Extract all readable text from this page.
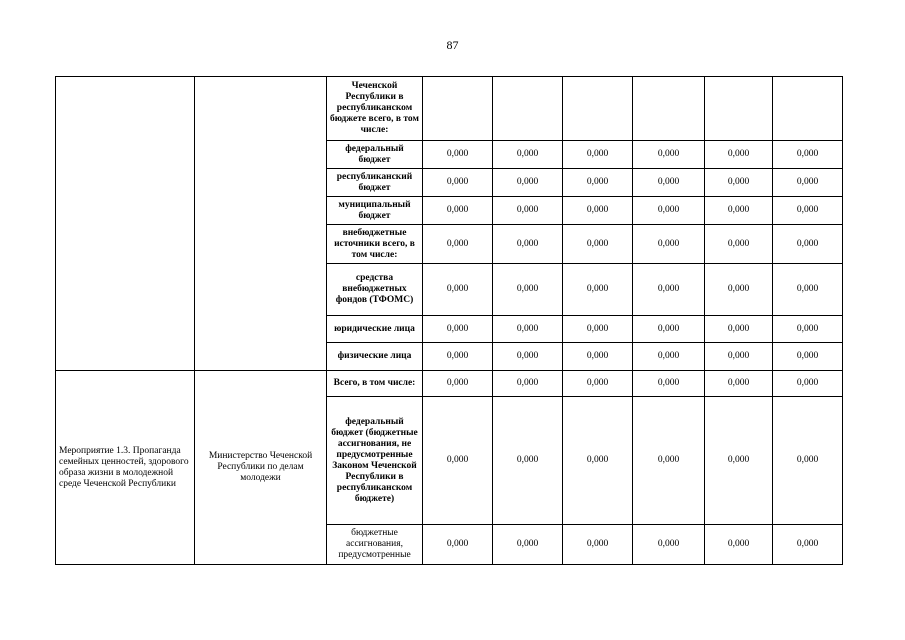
87
		Чеченской Республики в республиканском бюджете всего, в том числе:						
		федеральный бюджет	0,000	0,000	0,000	0,000	0,000	0,000
		республиканский бюджет	0,000	0,000	0,000	0,000	0,000	0,000
		муниципальный бюджет	0,000	0,000	0,000	0,000	0,000	0,000
		внебюджетные источники всего, в том числе:	0,000	0,000	0,000	0,000	0,000	0,000
		средства внебюджетных фондов (ТФОМС)	0,000	0,000	0,000	0,000	0,000	0,000
		юридические лица	0,000	0,000	0,000	0,000	0,000	0,000
		физические лица	0,000	0,000	0,000	0,000	0,000	0,000
Мероприятие 1.3. Пропаганда семейных ценностей, здорового образа жизни в молодежной среде Чеченской Республики	Министерство Чеченской Республики по делам молодежи	Всего, в том числе:	0,000	0,000	0,000	0,000	0,000	0,000
		федеральный бюджет (бюджетные ассигнования, не предусмотренные Законом Чеченской Республики в республиканском бюджете)	0,000	0,000	0,000	0,000	0,000	0,000
		бюджетные ассигнования, предусмотренные	0,000	0,000	0,000	0,000	0,000	0,000
